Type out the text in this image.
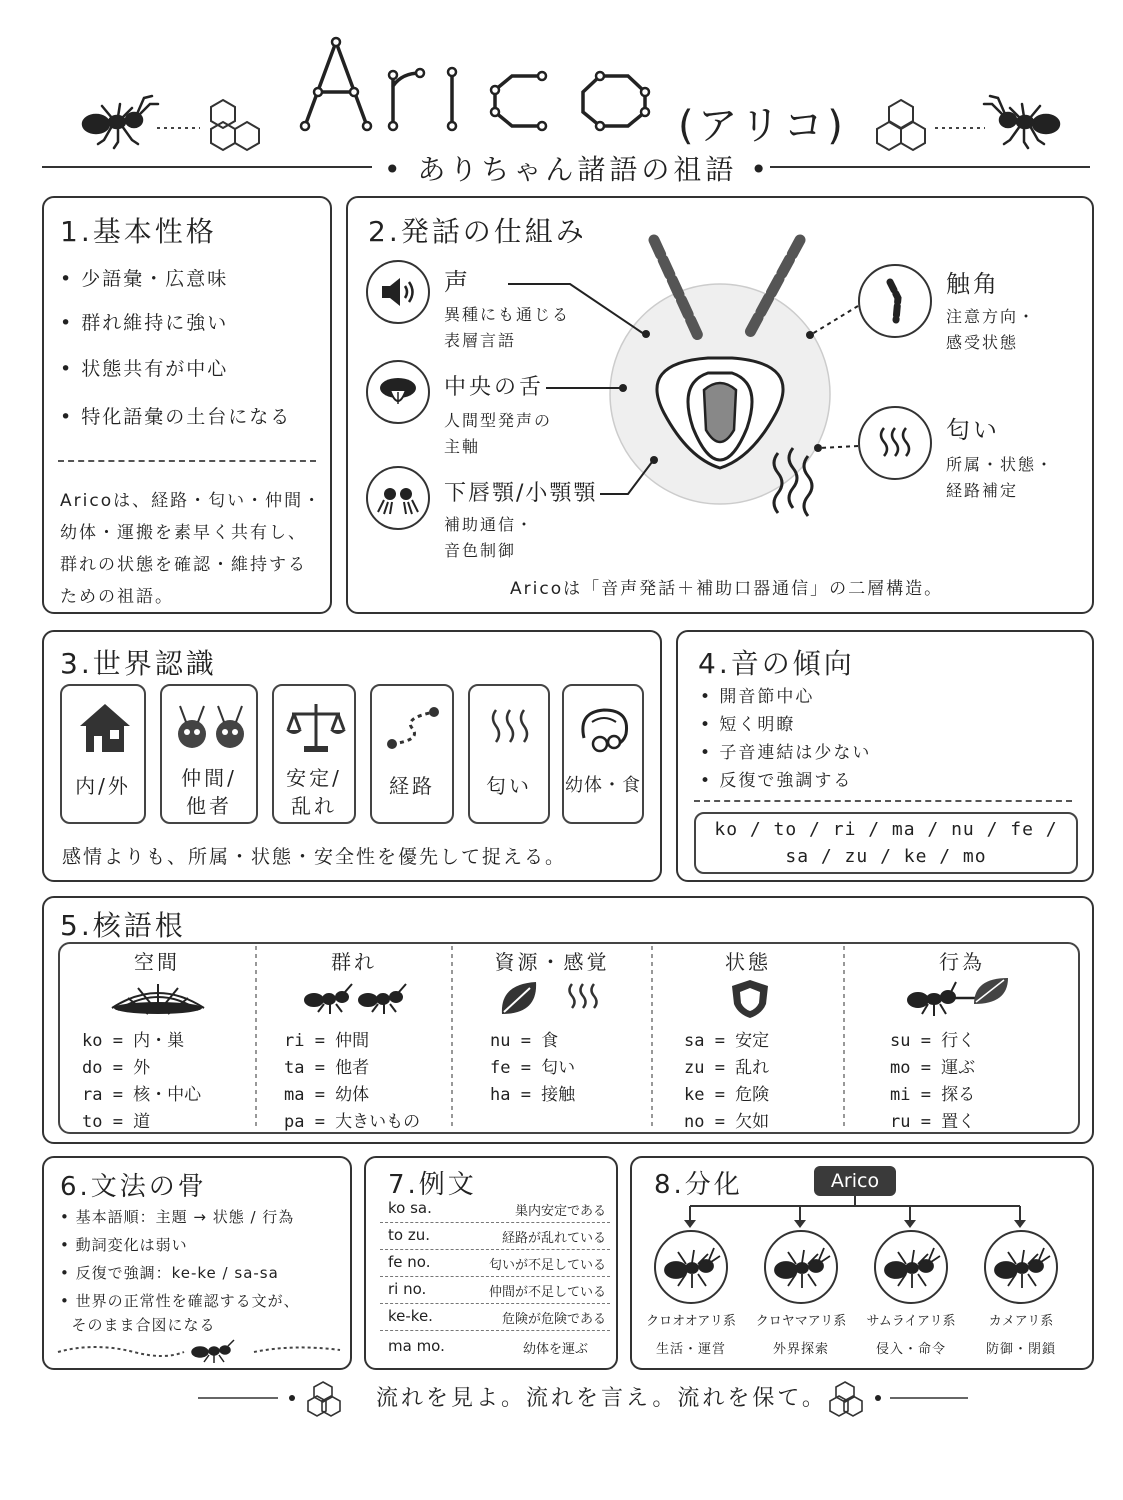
(アリコ)
• ありちゃん諸語の祖語 •
1.基本性格
• 少語彙・広意味
• 群れ維持に強い
• 状態共有が中心
• 特化語彙の土台になる
Aricoは、経路・匂い・仲間・
幼体・運搬を素早く共有し、
群れの状態を確認・維持する
ための祖語。
2.発話の仕組み
声
異種にも通じる
表層言語
中央の舌
人間型発声の
主軸
下唇顎/小顎顎
補助通信・
音色制御
触角
注意方向・
感受状態
匂い
所属・状態・
経路補定
Aricoは「音声発話＋補助口器通信」の二層構造。
3.世界認識
内/外	仲間/
他者
安定/
乱れ
経路	匂い	幼体・食
感情よりも、所属・状態・安全性を優先して捉える。
4.音の傾向
• 開音節中心
• 短く明瞭
• 子音連結は少ない
• 反復で強調する
ko / to / ri / ma / nu / fe /
sa / zu / ke / mo
5.核語根
空間
ko = 内・巣
do = 外
ra = 核・中心
to = 道
群れ
ri = 仲間
ta = 他者
ma = 幼体
pa = 大きいもの
資源・感覚
nu = 食
fe = 匂い
ha = 接触
状態
sa = 安定
zu = 乱れ
ke = 危険
no = 欠如
行為
su = 行く
mo = 運ぶ
mi = 探る
ru = 置く
6.文法の骨
• 基本語順：主題 → 状態 / 行為
• 動詞変化は弱い
• 反復で強調：ke-ke / sa-sa
• 世界の正常性を確認する文が、
そのまま合図になる
7.例文
ko sa.	巣内安定である
to zu.	経路が乱れている
fe no.	匂いが不足している
ri no.	仲間が不足している
ke-ke.	危険が危険である
ma mo.	幼体を運ぶ
8.分化	Arico
クロオオアリ系
生活・運営
クロヤマアリ系
外界探索
サムライアリ系
侵入・命令
カメアリ系
防御・閉鎖
流れを見よ。流れを言え。流れを保て。
